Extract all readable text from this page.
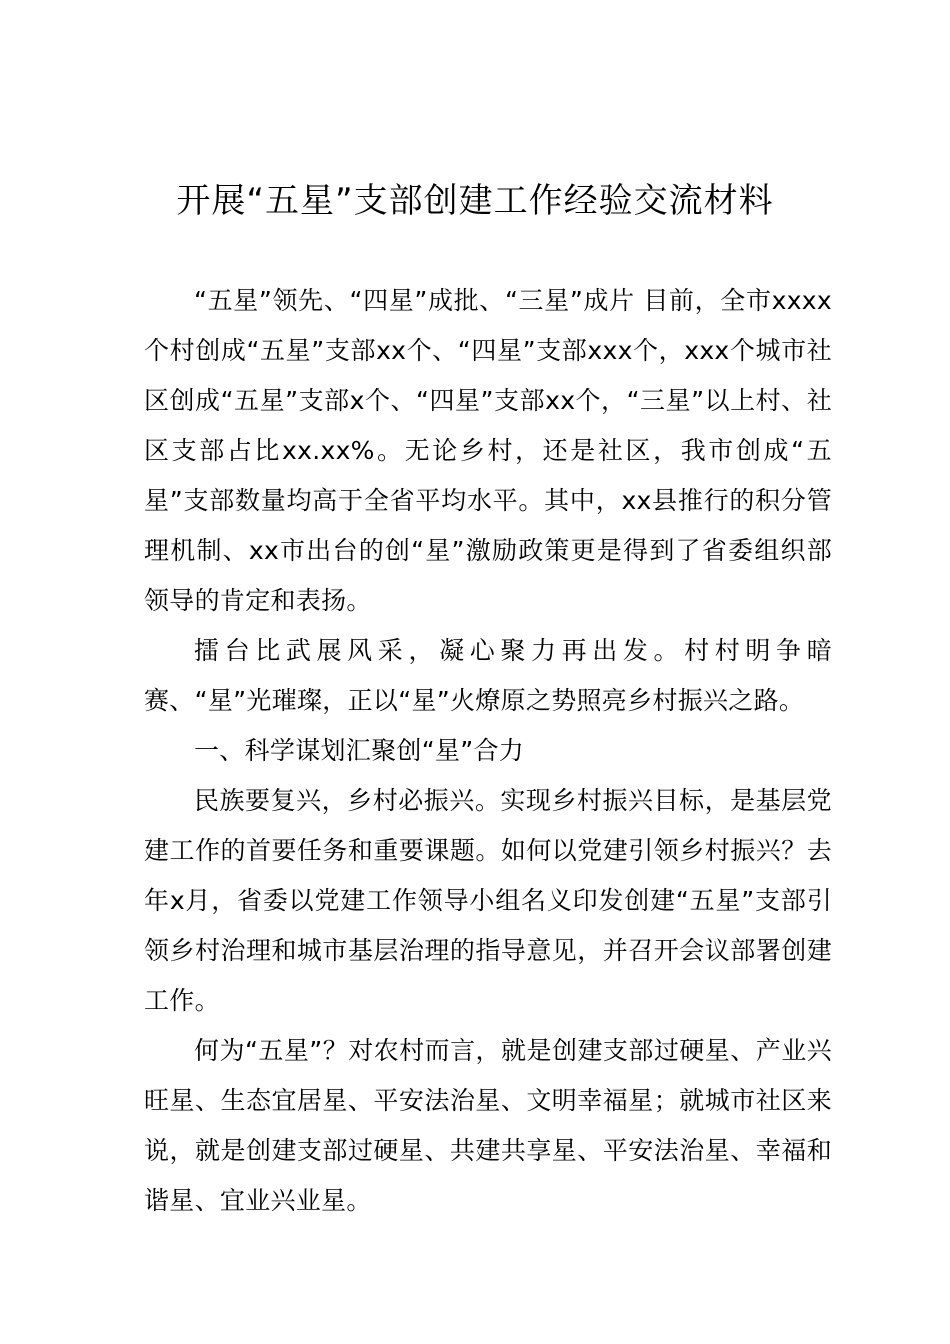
开展“五星”支部创建工作经验交流材料

“五星”领先、“四星”成批、“三星”成片 目前，全市xxxx个村创成“五星”支部xx个、“四星”支部xxx个，xxx个城市社区创成“五星”支部x个、“四星”支部xx个，“三星”以上村、社区支部占比xx.xx%。无论乡村，还是社区，我市创成“五星”支部数量均高于全省平均水平。其中，xx县推行的积分管理机制、xx市出台的创“星”激励政策更是得到了省委组织部领导的肯定和表扬。

擂台比武展风采，凝心聚力再出发。村村明争暗赛、“星”光璀璨，正以“星”火燎原之势照亮乡村振兴之路。

一、科学谋划汇聚创“星”合力

民族要复兴，乡村必振兴。实现乡村振兴目标，是基层党建工作的首要任务和重要课题。如何以党建引领乡村振兴？去年x月，省委以党建工作领导小组名义印发创建“五星”支部引领乡村治理和城市基层治理的指导意见，并召开会议部署创建工作。

何为“五星”？对农村而言，就是创建支部过硬星、产业兴旺星、生态宜居星、平安法治星、文明幸福星；就城市社区来说，就是创建支部过硬星、共建共享星、平安法治星、幸福和谐星、宜业兴业星。
